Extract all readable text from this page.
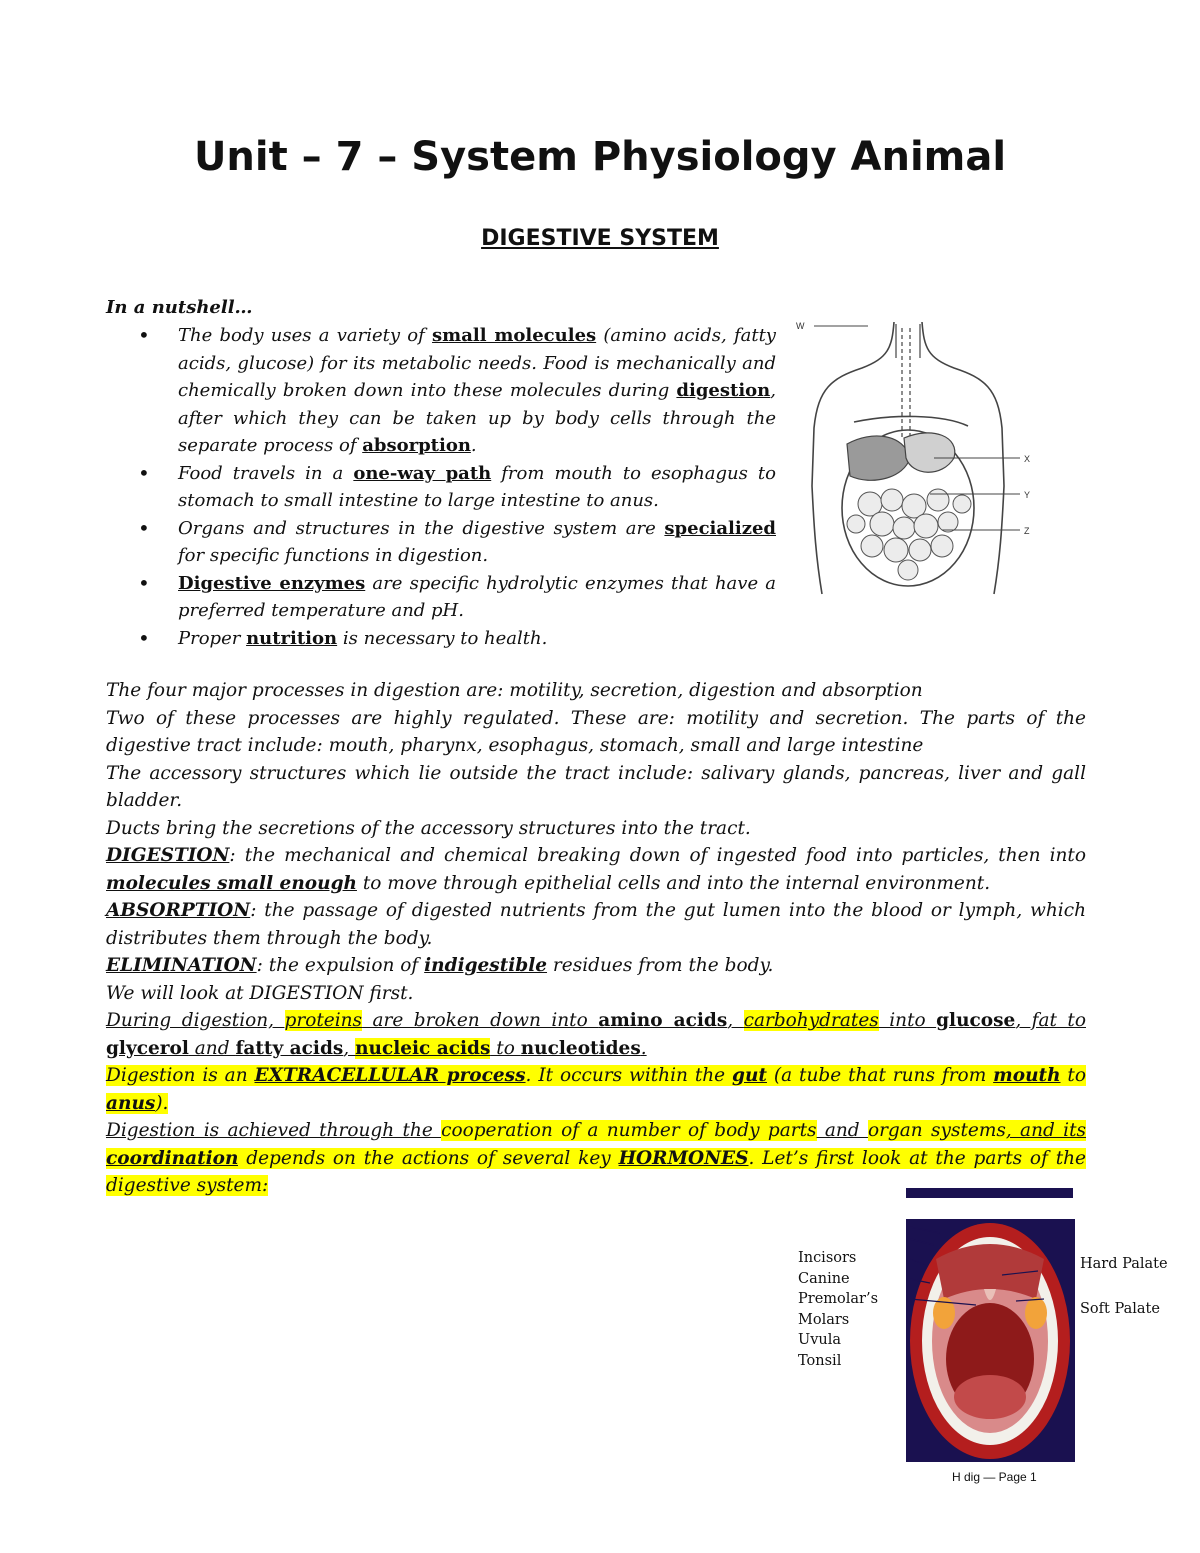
Unit – 7 – System Physiology Animal
DIGESTIVE SYSTEM
In a nutshell…
• The body uses a variety of small molecules (amino acids, fatty acids, glucose) for its metabolic needs. Food is mechanically and chemically broken down into these molecules during digestion, after which they can be taken up by body cells through the separate process of absorption.
• Food travels in a one-way path from mouth to esophagus to stomach to small intestine to large intestine to anus.
• Organs and structures in the digestive system are specialized for specific functions in digestion.
• Digestive enzymes are specific hydrolytic enzymes that have a preferred temperature and pH.
• Proper nutrition is necessary to health.
W
X
Y
Z

The four major processes in digestion are: motility, secretion, digestion and absorption

Two of these processes are highly regulated. These are: motility and secretion. The parts of the digestive tract include: mouth, pharynx, esophagus, stomach, small and large intestine

The accessory structures which lie outside the tract include: salivary glands, pancreas, liver and gall bladder.

Ducts bring the secretions of the accessory structures into the tract.

DIGESTION: the mechanical and chemical breaking down of ingested food into particles, then into molecules small enough to move through epithelial cells and into the internal environment.

ABSORPTION: the passage of digested nutrients from the gut lumen into the blood or lymph, which distributes them through the body.

ELIMINATION: the expulsion of indigestible residues from the body.

We will look at DIGESTION first.

During digestion, proteins are broken down into amino acids, carbohydrates into glucose, fat to glycerol and fatty acids, nucleic acids to nucleotides.

Digestion is an EXTRACELLULAR process. It occurs within the gut (a tube that runs from mouth to anus).

Digestion is achieved through the cooperation of a number of body parts and organ systems, and its coordination depends on the actions of several key HORMONES. Let’s first look at the parts of the digestive system:

Incisors
Canine
Premolar’s
Molars
Uvula
Tonsil
Hard Palate
Soft Palate
H dig — Page 1
